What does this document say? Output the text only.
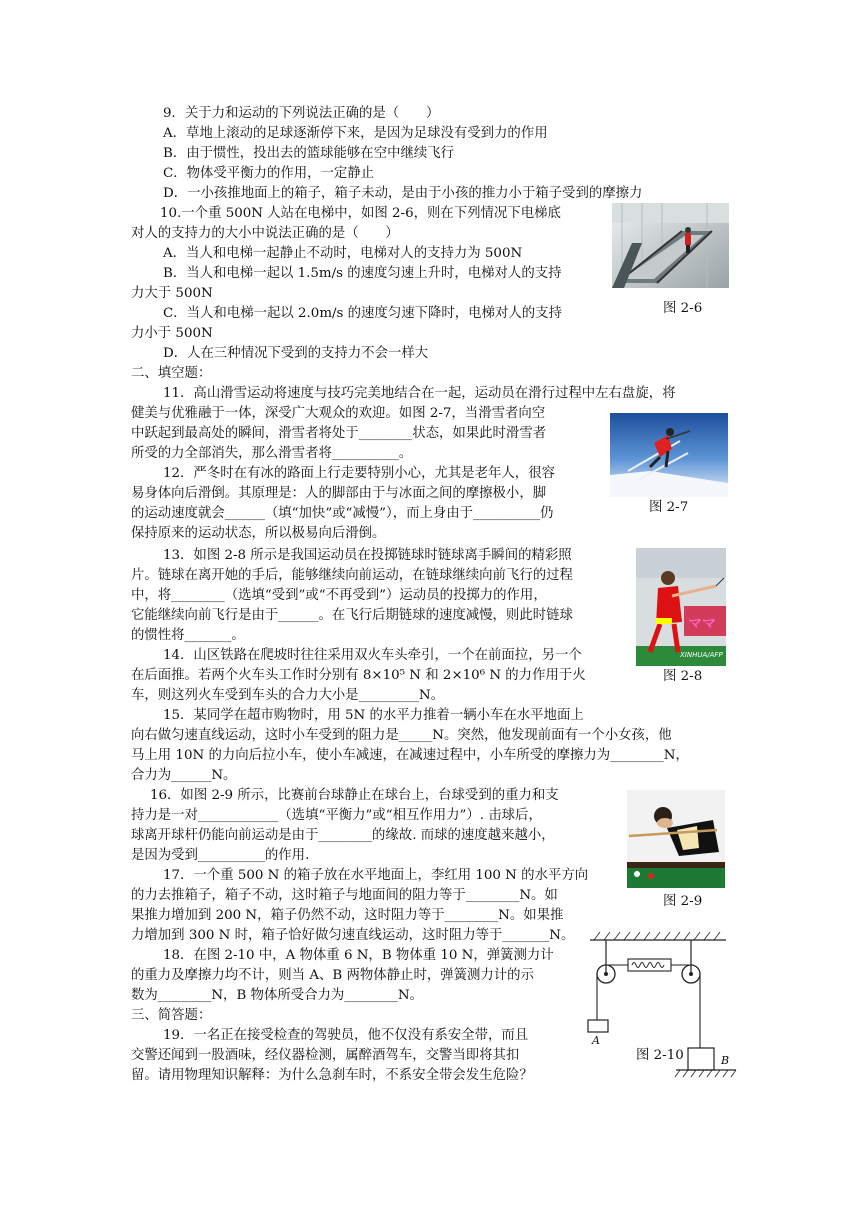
9．关于力和运动的下列说法正确的是（　　）
A．草地上滚动的足球逐渐停下来，是因为足球没有受到力的作用
B．由于惯性，投出去的篮球能够在空中继续飞行
C．物体受平衡力的作用，一定静止
D．一小孩推地面上的箱子，箱子未动，是由于小孩的推力小于箱子受到的摩擦力
10.一个重 500N 人站在电梯中，如图 2-6，则在下列情况下电梯底
对人的支持力的大小中说法正确的是（　　）
A．当人和电梯一起静止不动时，电梯对人的支持力为 500N
B．当人和电梯一起以 1.5m/s 的速度匀速上升时，电梯对人的支持
力大于 500N
C．当人和电梯一起以 2.0m/s 的速度匀速下降时，电梯对人的支持
力小于 500N
D．人在三种情况下受到的支持力不会一样大
二、填空题：
11．高山滑雪运动将速度与技巧完美地结合在一起，运动员在滑行过程中左右盘旋，将
健美与优雅融于一体，深受广大观众的欢迎。如图 2-7，当滑雪者向空
中跃起到最高处的瞬间，滑雪者将处于________状态，如果此时滑雪者
所受的力全部消失，那么滑雪者将__________。
12．严冬时在有冰的路面上行走要特别小心，尤其是老年人，很容
易身体向后滑倒。其原理是：人的脚部由于与冰面之间的摩擦极小，脚
的运动速度就会______（填“加快”或“减慢”），而上身由于__________仍
保持原来的运动状态，所以极易向后滑倒。
13．如图 2-8 所示是我国运动员在投掷链球时链球离手瞬间的精彩照
片。链球在离开她的手后，能够继续向前运动，在链球继续向前飞行的过程
中，将________（选填“受到”或“不再受到”）运动员的投掷力的作用，
它能继续向前飞行是由于______。在飞行后期链球的速度减慢，则此时链球
的惯性将_______。
14．山区铁路在爬坡时往往采用双火车头牵引，一个在前面拉，另一个
在后面推。若两个火车头工作时分别有 8×10⁵ N 和 2×10⁶ N 的力作用于火
车，则这列火车受到车头的合力大小是_________N。
15．某同学在超市购物时，用 5N 的水平力推着一辆小车在水平地面上
向右做匀速直线运动，这时小车受到的阻力是_____N。突然，他发现前面有一个小女孩，他
马上用 10N 的力向后拉小车，使小车减速，在减速过程中，小车所受的摩擦力为________N，
合力为______N。
16．如图 2-9 所示，比赛前台球静止在球台上，台球受到的重力和支
持力是一对____________（选填“平衡力”或“相互作用力”）. 击球后，
球离开球杆仍能向前运动是由于________的缘故. 而球的速度越来越小，
是因为受到__________的作用.
17．一个重 500 N 的箱子放在水平地面上，李红用 100 N 的水平方向
的力去推箱子，箱子不动，这时箱子与地面间的阻力等于________N。如
果推力增加到 200 N，箱子仍然不动，这时阻力等于________N。如果推
力增加到 300 N 时，箱子恰好做匀速直线运动，这时阻力等于_______N。
18．在图 2-10 中，A 物体重 6 N，B 物体重 10 N，弹簧测力计
的重力及摩擦力均不计，则当 A、B 两物体静止时，弹簧测力计的示
数为________N，B 物体所受合力为________N。
三、简答题：
19．一名正在接受检查的驾驶员，他不仅没有系安全带，而且
交警还闻到一股酒味，经仪器检测，属醉酒驾车，交警当即将其扣
留。请用物理知识解释：为什么急刹车时，不系安全带会发生危险？
图 2-6
图 2-7
ママ
XINHUA/AFP
图 2-8
图 2-9
A
B
图 2-10
